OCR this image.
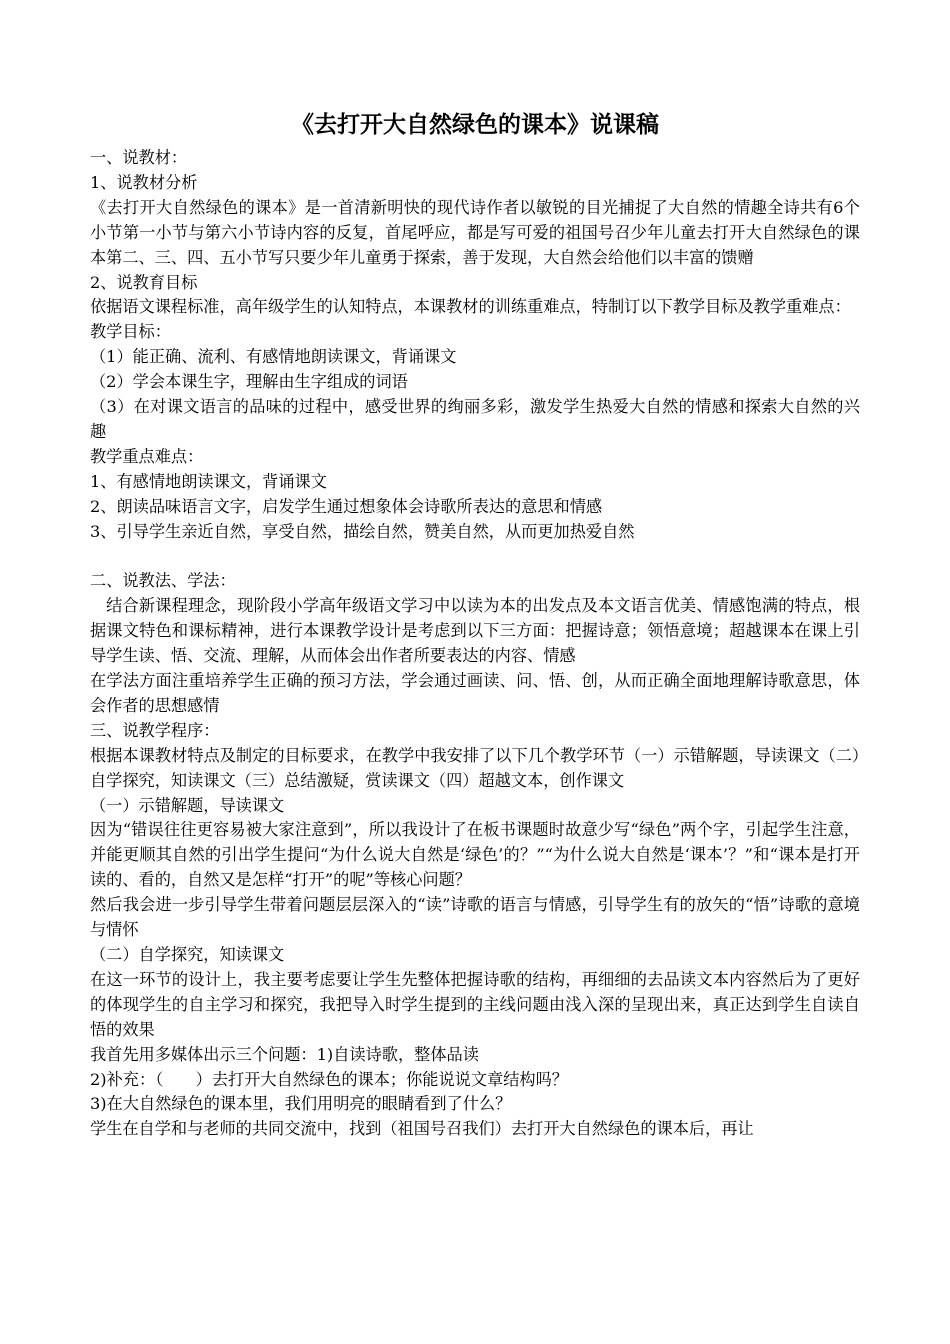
《去打开大自然绿色的课本》说课稿

一、说教材：

1、说教材分析

《去打开大自然绿色的课本》是一首清新明快的现代诗作者以敏锐的目光捕捉了大自然的情趣全诗共有6个小节第一小节与第六小节诗内容的反复，首尾呼应，都是写可爱的祖国号召少年儿童去打开大自然绿色的课本第二、三、四、五小节写只要少年儿童勇于探索，善于发现，大自然会给他们以丰富的馈赠

2、说教育目标

依据语文课程标准，高年级学生的认知特点，本课教材的训练重难点，特制订以下教学目标及教学重难点：

教学目标：

（1）能正确、流利、有感情地朗读课文，背诵课文

（2）学会本课生字，理解由生字组成的词语

（3）在对课文语言的品味的过程中，感受世界的绚丽多彩，激发学生热爱大自然的情感和探索大自然的兴趣

教学重点难点：

1、有感情地朗读课文，背诵课文

2、朗读品味语言文字，启发学生通过想象体会诗歌所表达的意思和情感

3、引导学生亲近自然，享受自然，描绘自然，赞美自然，从而更加热爱自然

二、说教法、学法：

结合新课程理念，现阶段小学高年级语文学习中以读为本的出发点及本文语言优美、情感饱满的特点，根据课文特色和课标精神，进行本课教学设计是考虑到以下三方面：把握诗意；领悟意境；超越课本在课上引导学生读、悟、交流、理解，从而体会出作者所要表达的内容、情感

在学法方面注重培养学生正确的预习方法，学会通过画读、问、悟、创，从而正确全面地理解诗歌意思，体会作者的思想感情

三、说教学程序：

根据本课教材特点及制定的目标要求，在教学中我安排了以下几个教学环节（一）示错解题，导读课文（二）自学探究，知读课文（三）总结激疑，赏读课文（四）超越文本，创作课文

（一）示错解题，导读课文

因为“错误往往更容易被大家注意到”，所以我设计了在板书课题时故意少写“绿色”两个字，引起学生注意，并能更顺其自然的引出学生提问“为什么说大自然是‘绿色’的？”“为什么说大自然是‘课本’？”和“课本是打开读的、看的，自然又是怎样“打开”的呢”等核心问题？

然后我会进一步引导学生带着问题层层深入的“读”诗歌的语言与情感，引导学生有的放矢的“悟”诗歌的意境与情怀

（二）自学探究，知读课文

在这一环节的设计上，我主要考虑要让学生先整体把握诗歌的结构，再细细的去品读文本内容然后为了更好的体现学生的自主学习和探究，我把导入时学生提到的主线问题由浅入深的呈现出来，真正达到学生自读自悟的效果

我首先用多媒体出示三个问题：1)自读诗歌，整体品读

2)补充：（　　）去打开大自然绿色的课本；你能说说文章结构吗？

3)在大自然绿色的课本里，我们用明亮的眼睛看到了什么？

学生在自学和与老师的共同交流中，找到（祖国号召我们）去打开大自然绿色的课本后，再让
